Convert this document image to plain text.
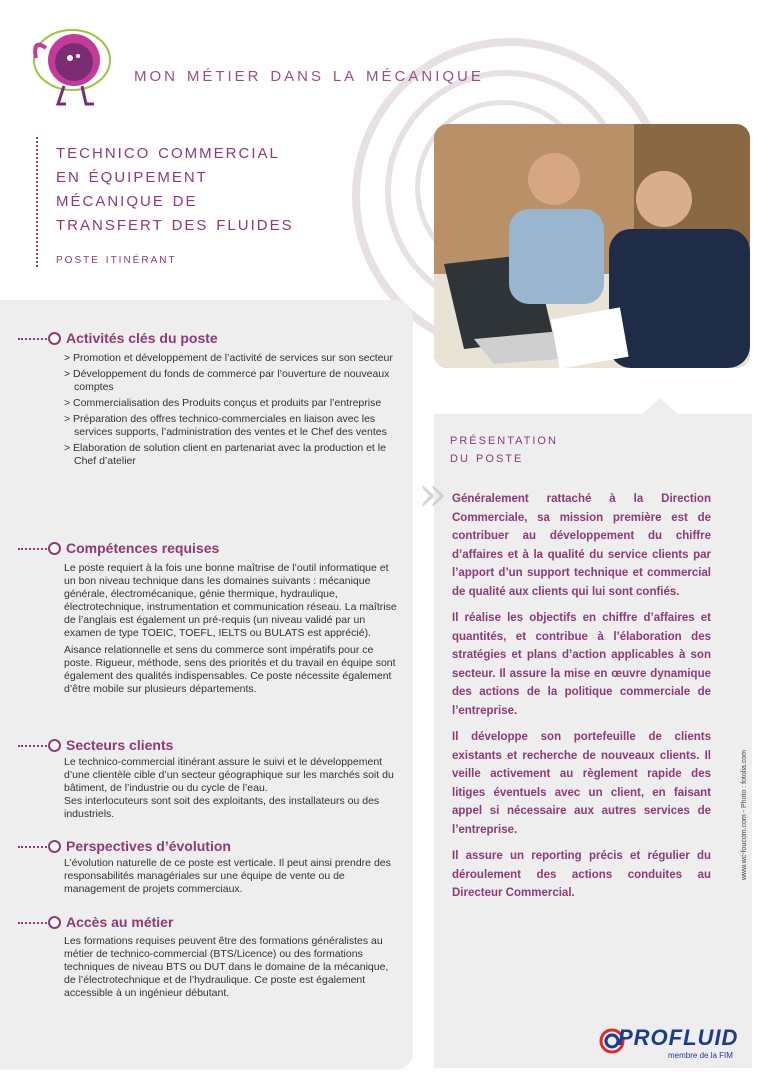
mon métier dans la mécanique
technico commercial
en équipement
mécanique de
transfert des fluides
poste itinérant
Activités clés du poste
> Promotion et développement de l’activité de services sur son secteur
> Développement du fonds de commerce par l’ouverture de nouveaux comptes
> Commercialisation des Produits conçus et produits par l’entreprise
> Préparation des offres technico-commerciales en liaison avec les services supports, l’administration des ventes et le Chef des ventes
> Elaboration de solution client en partenariat avec la production et le Chef d’atelier
Compétences requises

Le poste requiert à la fois une bonne maîtrise de l’outil informatique et un bon niveau technique dans les domaines suivants : mécanique générale, électromécanique, génie thermique, hydraulique, électrotechnique, instrumentation et communication réseau. La maîtrise de l’anglais est également un pré-requis (un niveau validé par un examen de type TOEIC, TOEFL, IELTS ou BULATS est apprécié).

Aisance relationnelle et sens du commerce sont impératifs pour ce poste. Rigueur, méthode, sens des priorités et du travail en équipe sont également des qualités indispensables. Ce poste nécessite également d’être mobile sur plusieurs départements.

Secteurs clients

Le technico-commercial itinérant assure le suivi et le développement d’une clientèle cible d’un secteur géographique sur les marchés soit du bâtiment, de l’industrie ou du cycle de l’eau.

Ses interlocuteurs sont soit des exploitants, des installateurs ou des industriels.

Perspectives d’évolution

L’évolution naturelle de ce poste est verticale. Il peut ainsi prendre des responsabilités managériales sur une équipe de vente ou de management de projets commerciaux.

Accès au métier

Les formations requises peuvent être des formations généralistes au métier de technico-commercial (BTS/Licence) ou des formations techniques de niveau BTS ou DUT dans le domaine de la mécanique, de l’électrotechnique et de l’hydraulique. Ce poste est également accessible à un ingénieur débutant.

présentation
du poste
» Généralement rattaché à la Direction Commerciale, sa mission première est de contribuer au développement du chiffre d’affaires et à la qualité du service clients par l’apport d’un support technique et commercial de qualité aux clients qui lui sont confiés.

Il réalise les objectifs en chiffre d’affaires et quantités, et contribue à l’élaboration des stratégies et plans d’action applicables à son secteur. Il assure la mise en œuvre dynamique des actions de la politique commerciale de l’entreprise.

Il développe son portefeuille de clients existants et recherche de nouveaux clients. Il veille activement au règlement rapide des litiges éventuels avec un client, en faisant appel si nécessaire aux autres services de l’entreprise.

Il assure un reporting précis et régulier du déroulement des actions conduites au Directeur Commercial.

www.wc-foucom.com - Photo : fotolia.com
PROFLUID
membre de la FIM
